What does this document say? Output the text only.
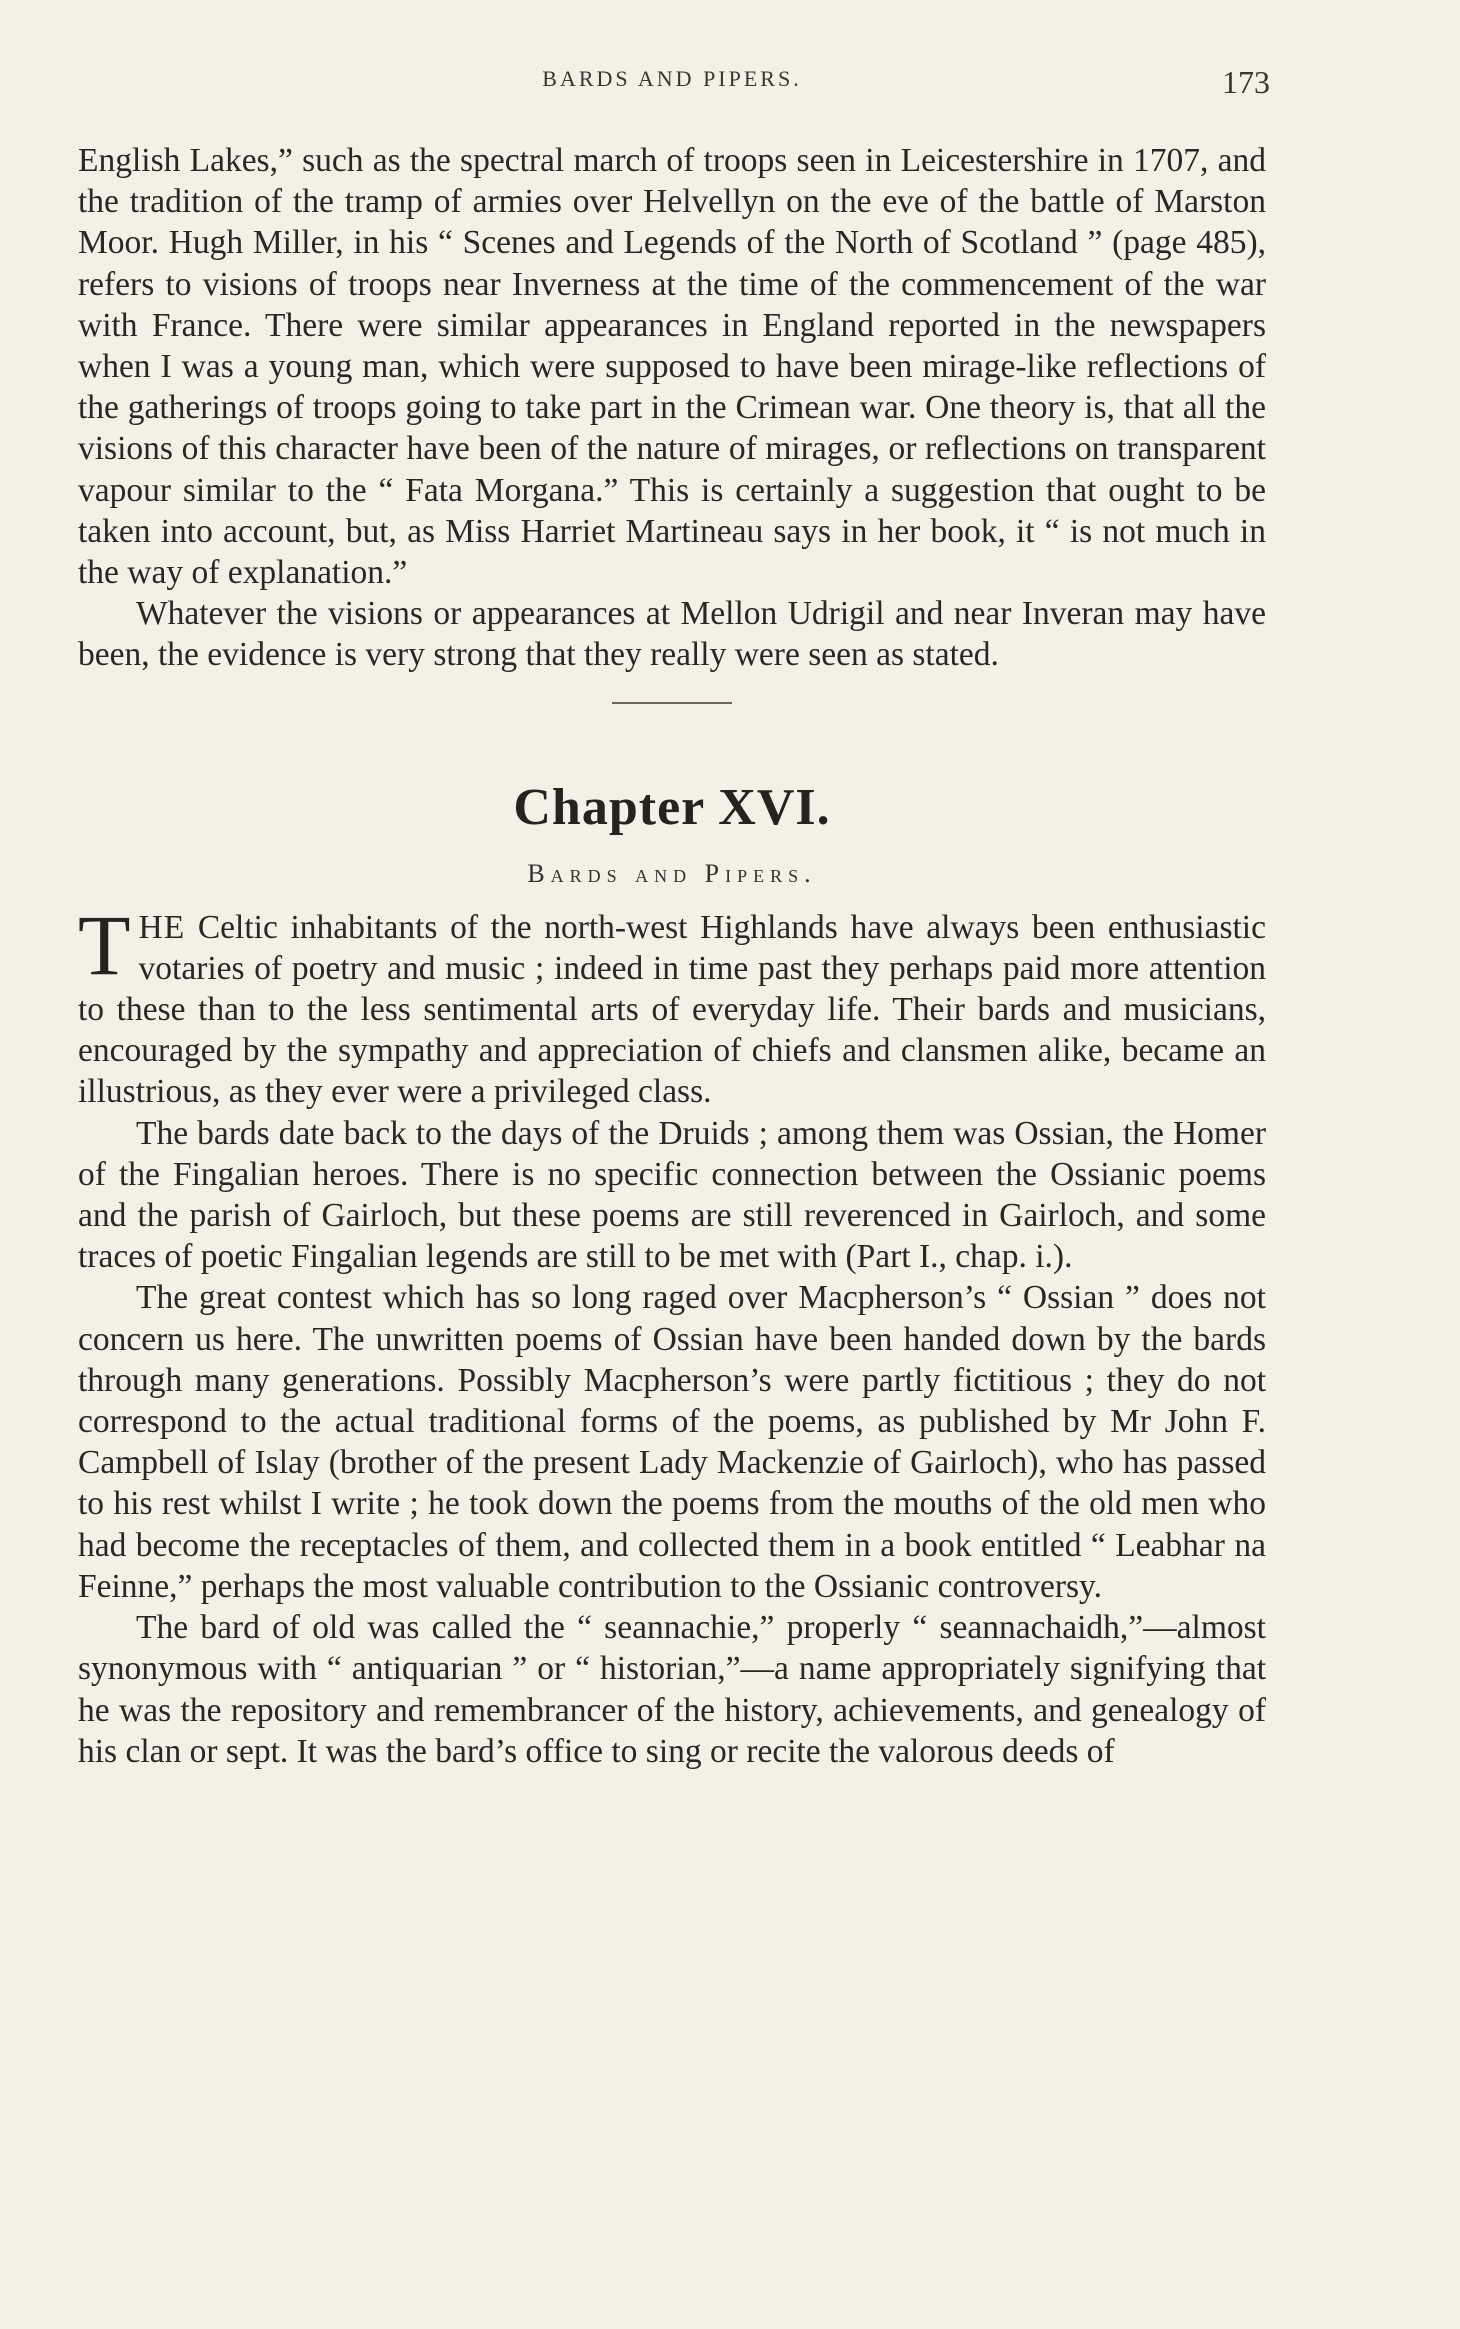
BARDS AND PIPERS.	173

English Lakes,” such as the spectral march of troops seen in Leicestershire in 1707, and the tradition of the tramp of armies over Helvellyn on the eve of the battle of Marston Moor. Hugh Miller, in his “ Scenes and Legends of the North of Scotland ” (page 485), refers to visions of troops near Inverness at the time of the commencement of the war with France. There were similar appearances in England reported in the newspapers when I was a young man, which were supposed to have been mirage-like reflections of the gatherings of troops going to take part in the Crimean war. One theory is, that all the visions of this character have been of the nature of mirages, or reflections on transparent vapour similar to the “ Fata Morgana.” This is certainly a suggestion that ought to be taken into account, but, as Miss Harriet Martineau says in her book, it “ is not much in the way of explanation.”

Whatever the visions or appearances at Mellon Udrigil and near Inveran may have been, the evidence is very strong that they really were seen as stated.

Chapter XVI.
Bards and Pipers.

THE Celtic inhabitants of the north-west Highlands have always been enthusiastic votaries of poetry and music ; indeed in time past they perhaps paid more attention to these than to the less sentimental arts of everyday life. Their bards and musicians, encouraged by the sympathy and appreciation of chiefs and clansmen alike, became an illustrious, as they ever were a privileged class.

The bards date back to the days of the Druids ; among them was Ossian, the Homer of the Fingalian heroes. There is no specific connection between the Ossianic poems and the parish of Gairloch, but these poems are still reverenced in Gairloch, and some traces of poetic Fingalian legends are still to be met with (Part I., chap. i.).

The great contest which has so long raged over Macpherson’s “ Ossian ” does not concern us here. The unwritten poems of Ossian have been handed down by the bards through many generations. Possibly Macpherson’s were partly fictitious ; they do not correspond to the actual traditional forms of the poems, as published by Mr John F. Campbell of Islay (brother of the present Lady Mackenzie of Gairloch), who has passed to his rest whilst I write ; he took down the poems from the mouths of the old men who had become the receptacles of them, and collected them in a book entitled “ Leabhar na Feinne,” perhaps the most valuable contribution to the Ossianic controversy.

The bard of old was called the “ seannachie,” properly “ seannachaidh,”—almost synonymous with “ antiquarian ” or “ historian,”—a name appropriately signifying that he was the repository and remembrancer of the history, achievements, and genealogy of his clan or sept. It was the bard’s office to sing or recite the valorous deeds of
